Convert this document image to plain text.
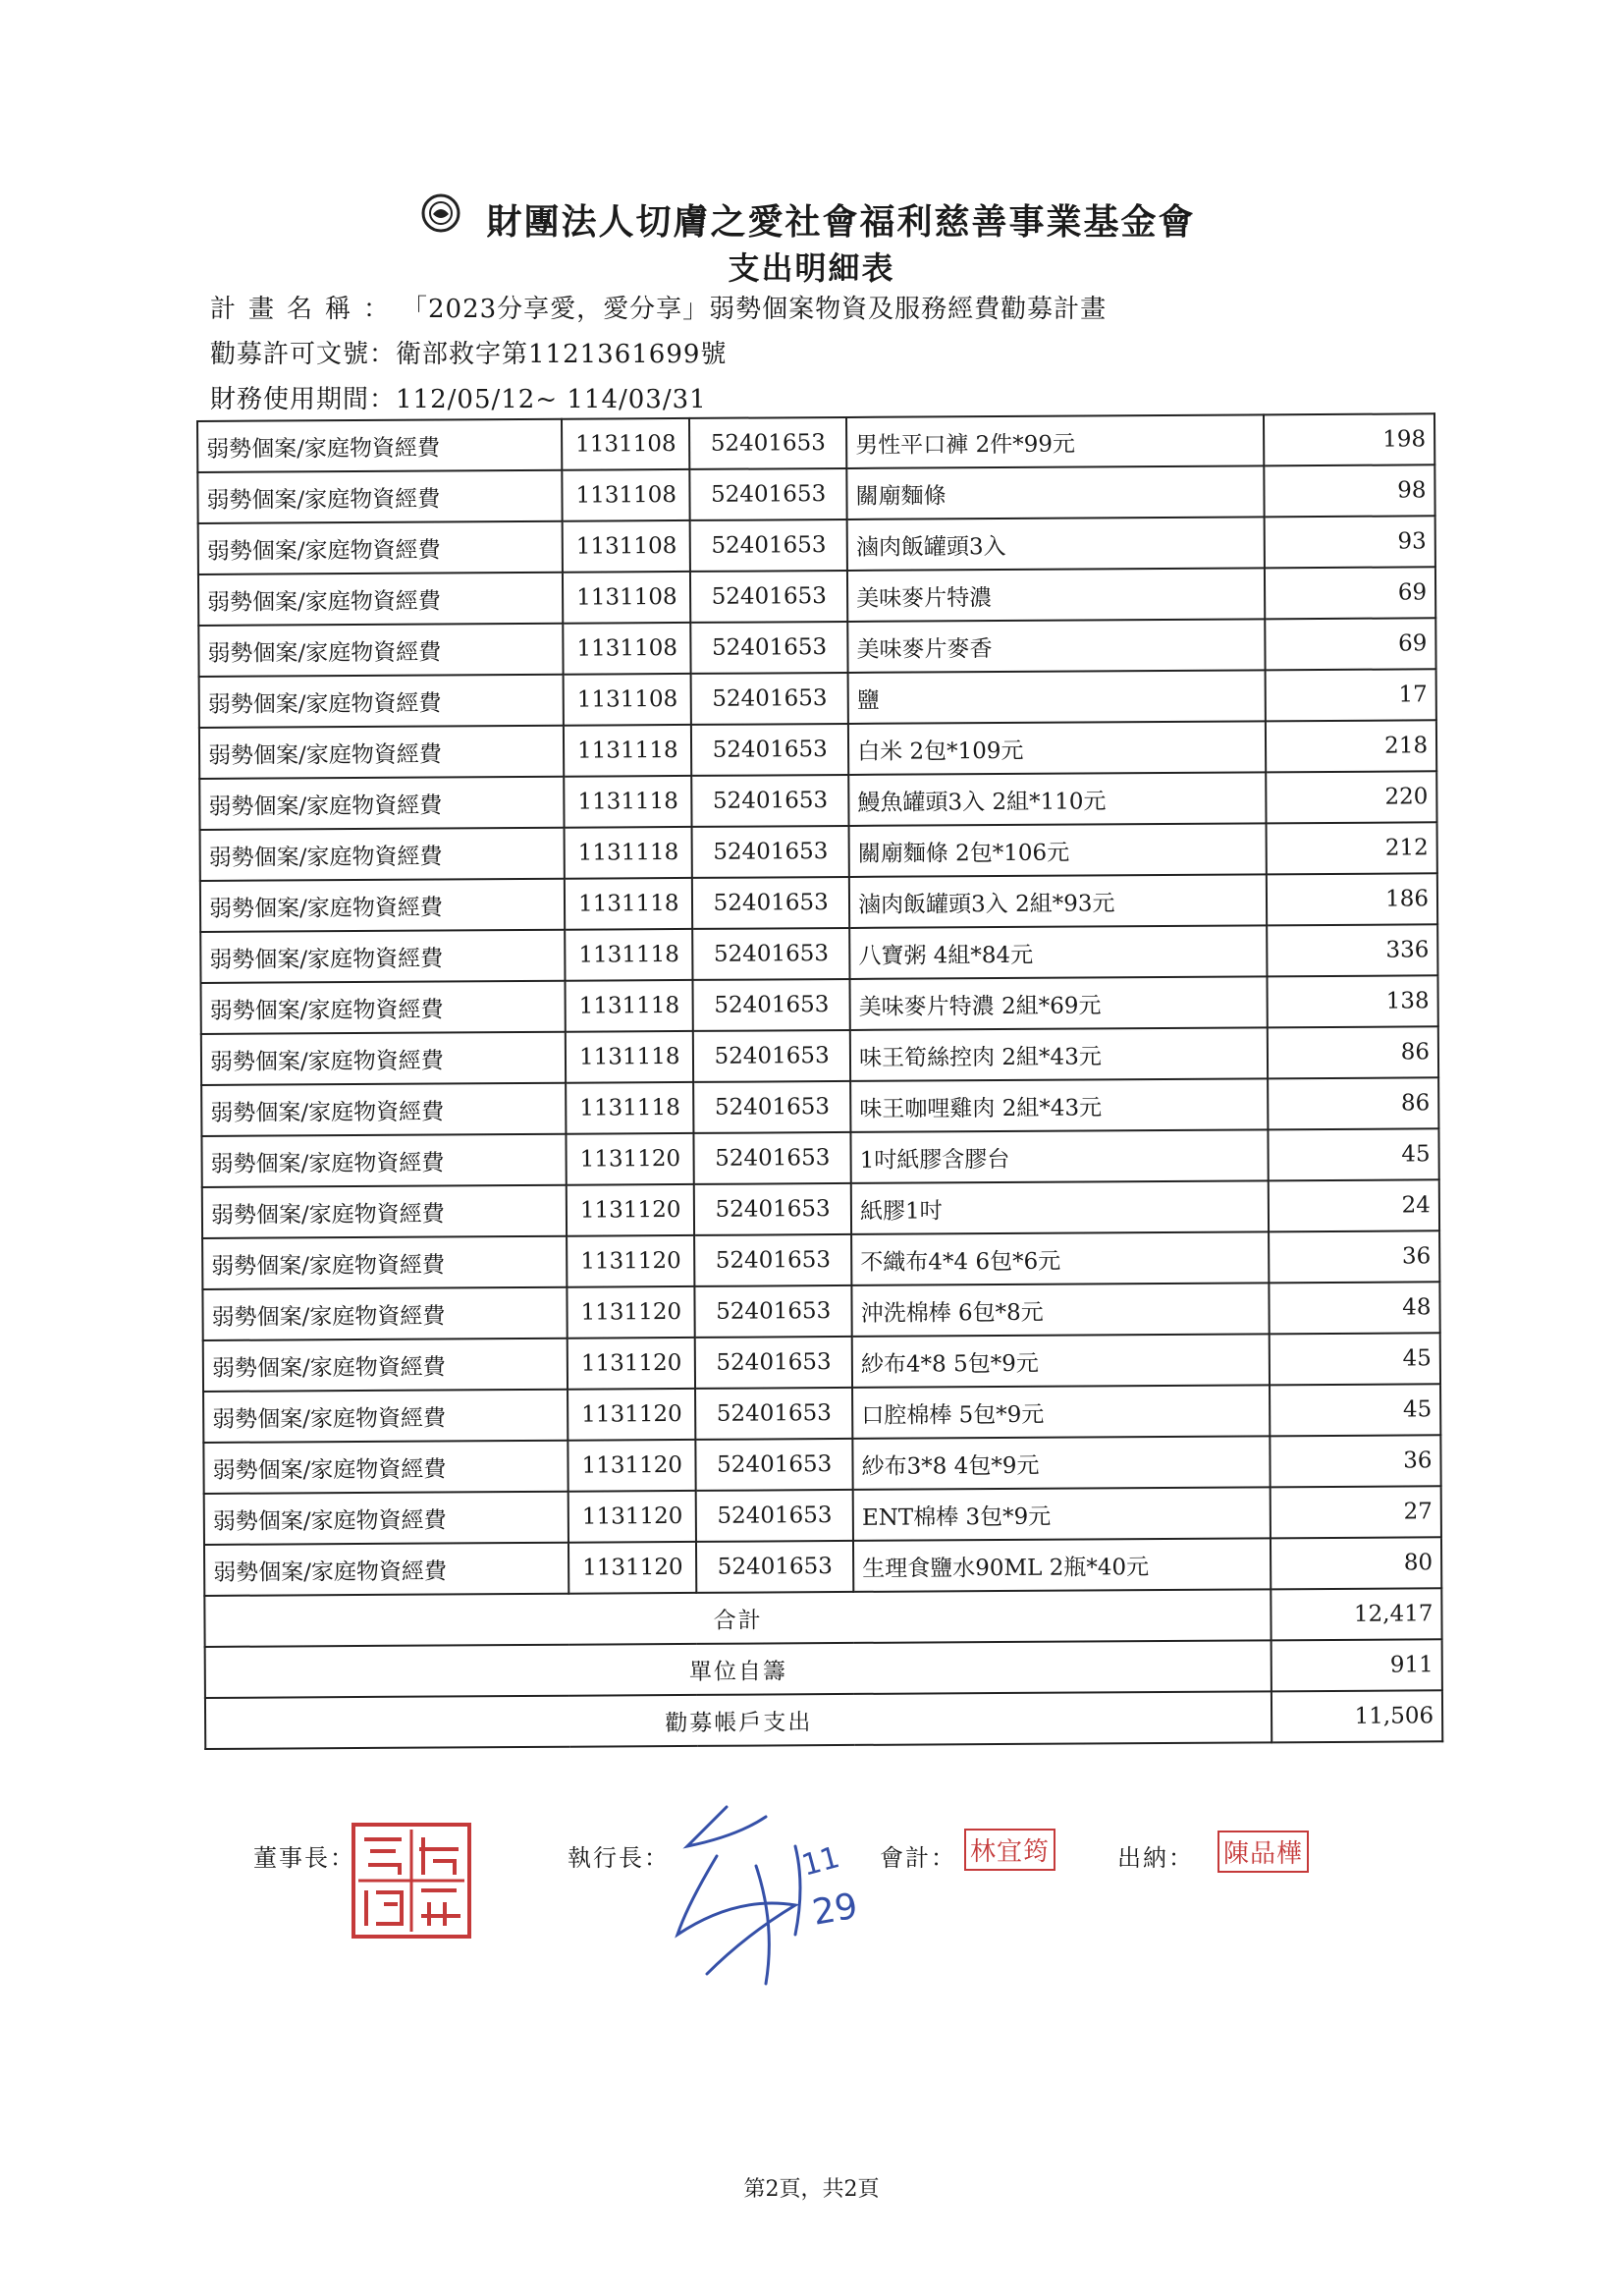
財團法人切膚之愛社會福利慈善事業基金會
支出明細表
計畫名稱：「2023分享愛，愛分享」弱勢個案物資及服務經費勸募計畫
勸募許可文號：衛部救字第1121361699號
財務使用期間：112/05/12~ 114/03/31
弱勢個案/家庭物資經費	1131108	52401653	男性平口褲 2件*99元	198
弱勢個案/家庭物資經費	1131108	52401653	關廟麵條	98
弱勢個案/家庭物資經費	1131108	52401653	滷肉飯罐頭3入	93
弱勢個案/家庭物資經費	1131108	52401653	美味麥片特濃	69
弱勢個案/家庭物資經費	1131108	52401653	美味麥片麥香	69
弱勢個案/家庭物資經費	1131108	52401653	鹽	17
弱勢個案/家庭物資經費	1131118	52401653	白米 2包*109元	218
弱勢個案/家庭物資經費	1131118	52401653	鰻魚罐頭3入 2組*110元	220
弱勢個案/家庭物資經費	1131118	52401653	關廟麵條 2包*106元	212
弱勢個案/家庭物資經費	1131118	52401653	滷肉飯罐頭3入 2組*93元	186
弱勢個案/家庭物資經費	1131118	52401653	八寶粥 4組*84元	336
弱勢個案/家庭物資經費	1131118	52401653	美味麥片特濃 2組*69元	138
弱勢個案/家庭物資經費	1131118	52401653	味王筍絲控肉 2組*43元	86
弱勢個案/家庭物資經費	1131118	52401653	味王咖哩雞肉 2組*43元	86
弱勢個案/家庭物資經費	1131120	52401653	1吋紙膠含膠台	45
弱勢個案/家庭物資經費	1131120	52401653	紙膠1吋	24
弱勢個案/家庭物資經費	1131120	52401653	不織布4*4 6包*6元	36
弱勢個案/家庭物資經費	1131120	52401653	沖洗棉棒 6包*8元	48
弱勢個案/家庭物資經費	1131120	52401653	紗布4*8 5包*9元	45
弱勢個案/家庭物資經費	1131120	52401653	口腔棉棒 5包*9元	45
弱勢個案/家庭物資經費	1131120	52401653	紗布3*8 4包*9元	36
弱勢個案/家庭物資經費	1131120	52401653	ENT棉棒 3包*9元	27
弱勢個案/家庭物資經費	1131120	52401653	生理食鹽水90ML 2瓶*40元	80
合計				12,417
單位自籌				911
勸募帳戶支出				11,506
董事長：	執行長：	11
29
會計： 林宜筠	出納： 陳品樺
第2頁，共2頁
